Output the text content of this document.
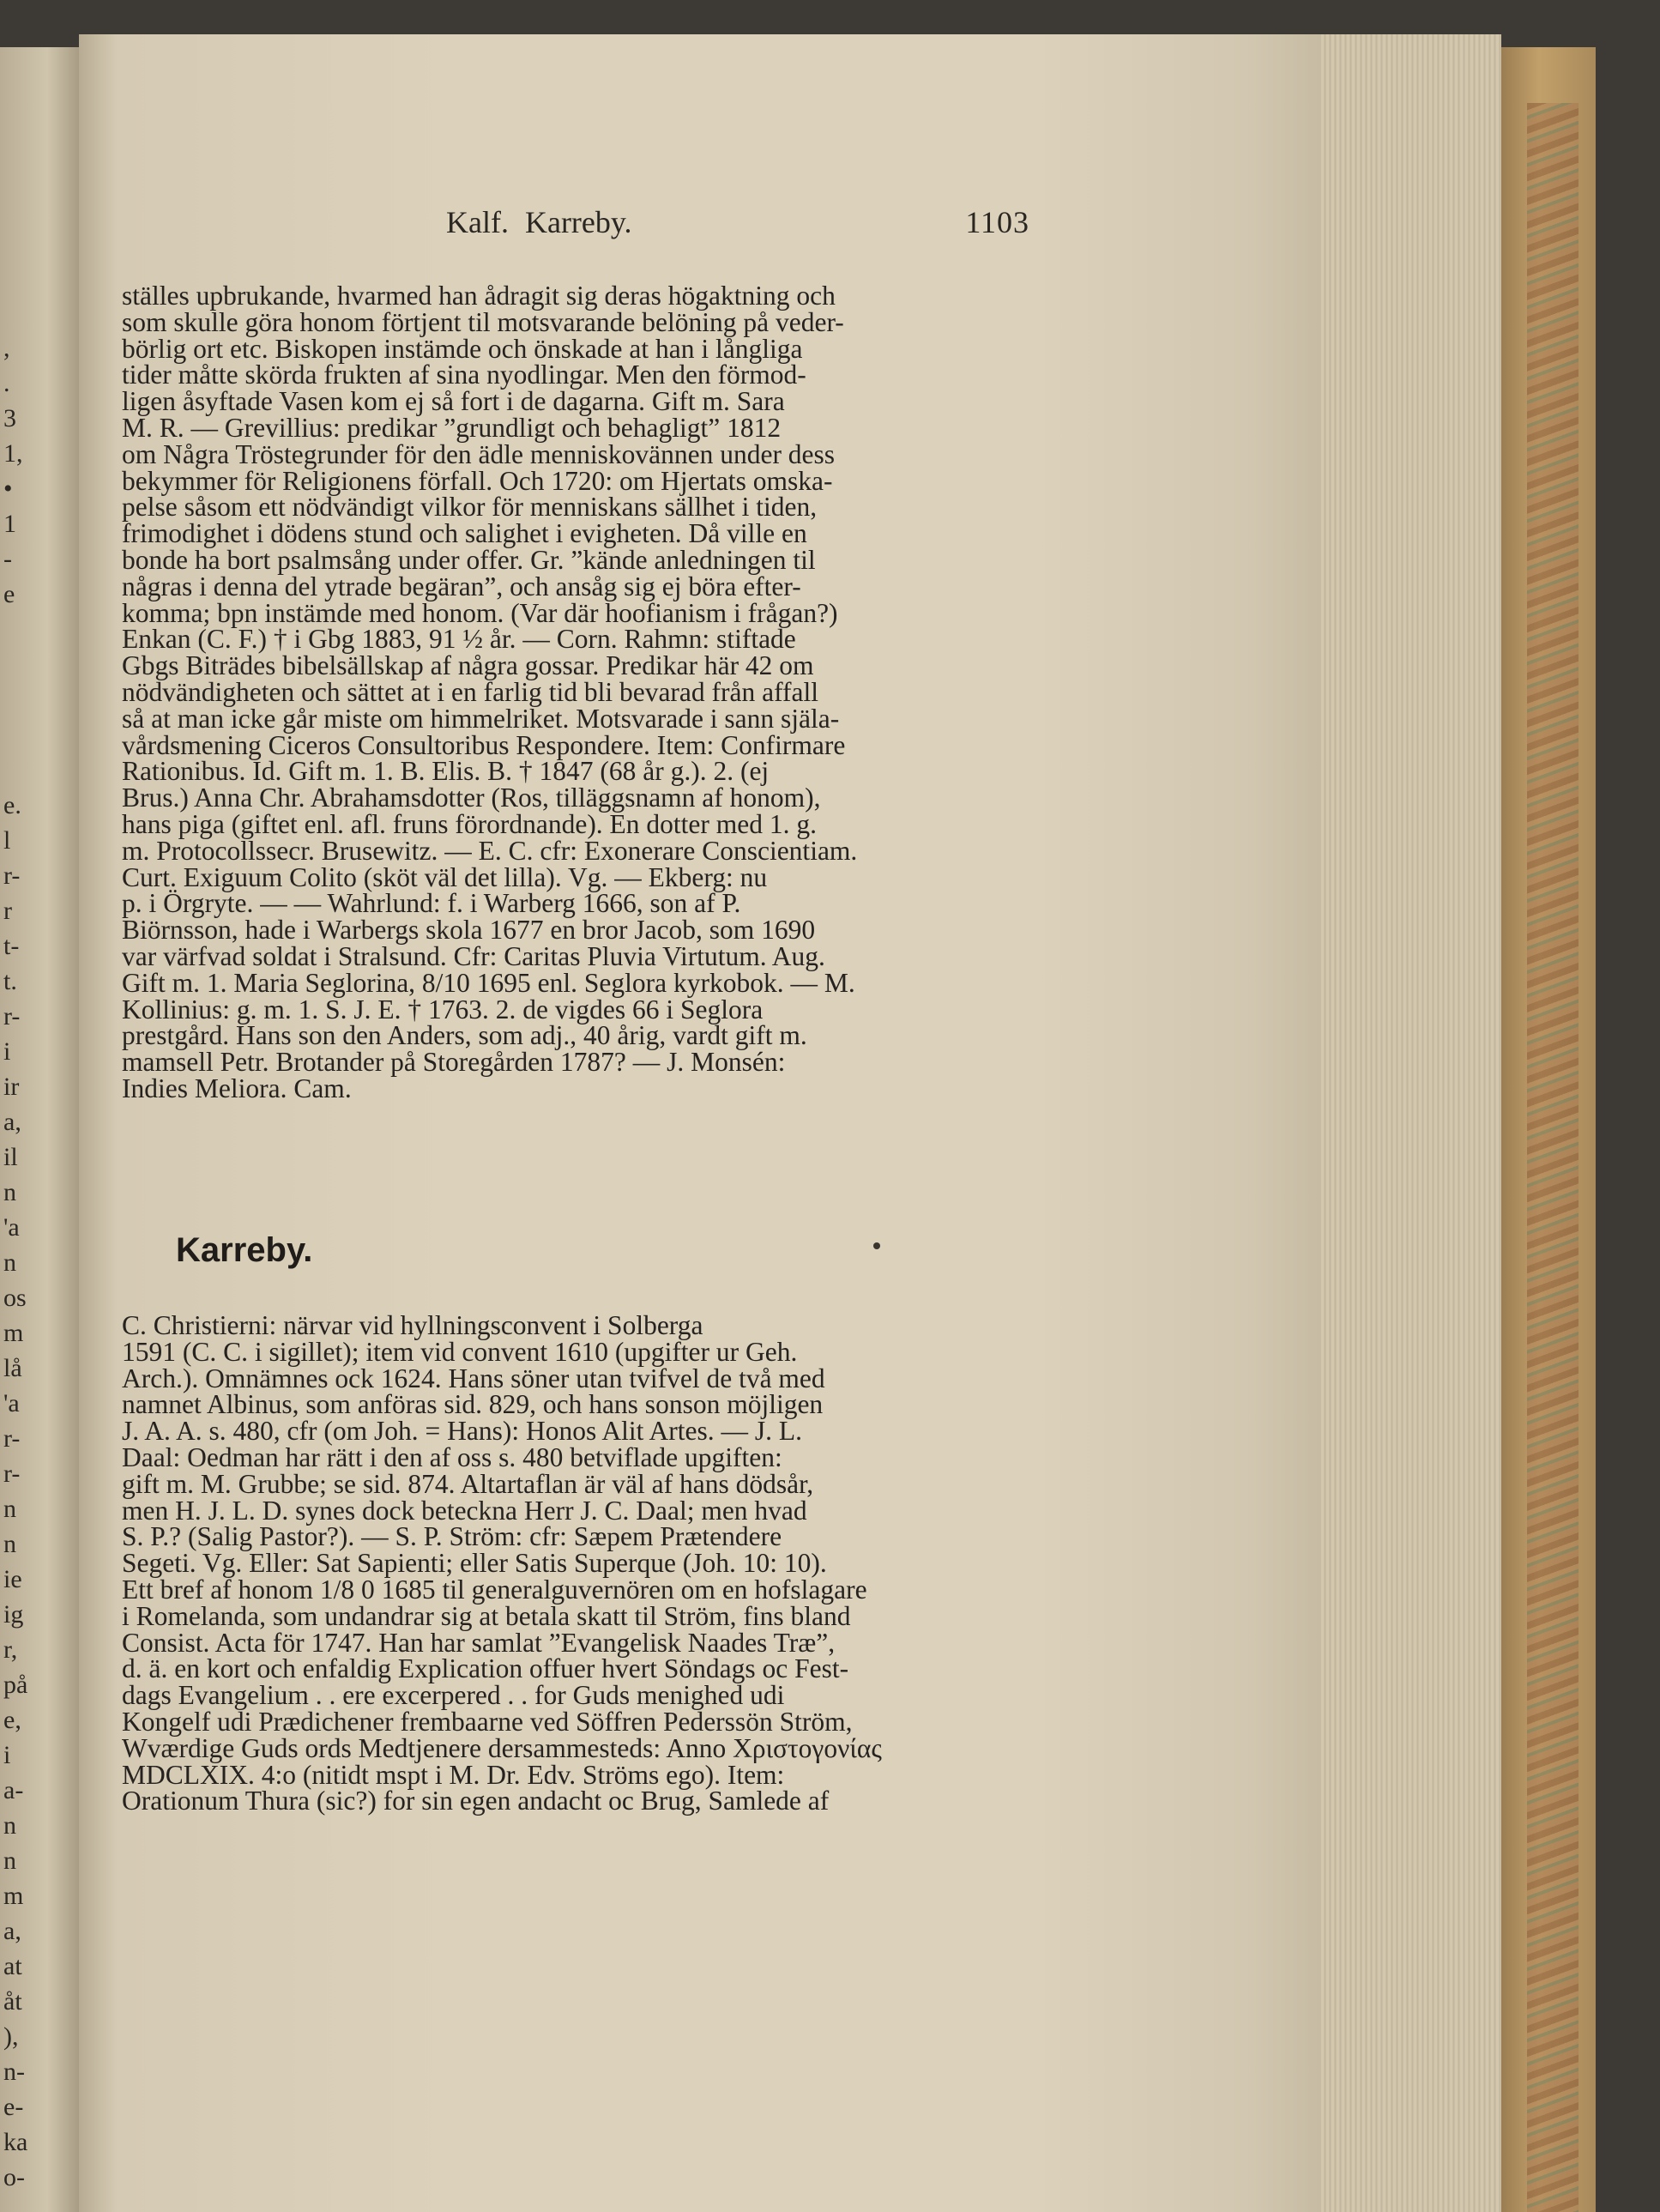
,
.
3
1,
•
1
-
e
e.
l
r-
r
t-
t.
r-
i
ir
a,
il
n
'a
n
os
m
lå
'a
r-
r-
n
n
ie
ig
r,
på
e,
i
a-
n
n
m
a,
at
åt
),
n-
e-
ka
o-
Kalf. Karreby.	1103
ställes upbrukande, hvarmed han ådragit sig deras högaktning och
som skulle göra honom förtjent til motsvarande belöning på veder-
börlig ort etc. Biskopen instämde och önskade at han i långliga
tider måtte skörda frukten af sina nyodlingar. Men den förmod-
ligen åsyftade Vasen kom ej så fort i de dagarna. Gift m. Sara
M. R. — Grevillius: predikar ”grundligt och behagligt” 1812
om Några Tröstegrunder för den ädle menniskovännen under dess
bekymmer för Religionens förfall. Och 1720: om Hjertats omska-
pelse såsom ett nödvändigt vilkor för menniskans sällhet i tiden,
frimodighet i dödens stund och salighet i evigheten. Då ville en
bonde ha bort psalmsång under offer. Gr. ”kände anledningen til
någras i denna del ytrade begäran”, och ansåg sig ej böra efter-
komma; bpn instämde med honom. (Var där hoofianism i frågan?)
Enkan (C. F.) † i Gbg 1883, 91 ½ år. — Corn. Rahmn: stiftade
Gbgs Biträdes bibelsällskap af några gossar. Predikar här 42 om
nödvändigheten och sättet at i en farlig tid bli bevarad från affall
så at man icke går miste om himmelriket. Motsvarade i sann själa-
vårdsmening Ciceros Consultoribus Respondere. Item: Confirmare
Rationibus. Id. Gift m. 1. B. Elis. B. † 1847 (68 år g.). 2. (ej
Brus.) Anna Chr. Abrahamsdotter (Ros, tilläggsnamn af honom),
hans piga (giftet enl. afl. fruns förordnande). En dotter med 1. g.
m. Protocollssecr. Brusewitz. — E. C. cfr: Exonerare Conscientiam.
Curt. Exiguum Colito (sköt väl det lilla). Vg. — Ekberg: nu
p. i Örgryte. — — Wahrlund: f. i Warberg 1666, son af P.
Biörnsson, hade i Warbergs skola 1677 en bror Jacob, som 1690
var värfvad soldat i Stralsund. Cfr: Caritas Pluvia Virtutum. Aug.
Gift m. 1. Maria Seglorina, 8/10 1695 enl. Seglora kyrkobok. — M.
Kollinius: g. m. 1. S. J. E. † 1763. 2. de vigdes 66 i Seglora
prestgård. Hans son den Anders, som adj., 40 årig, vardt gift m.
mamsell Petr. Brotander på Storegården 1787? — J. Monsén:
Indies Meliora. Cam.
Karreby.
C. Christierni: närvar vid hyllningsconvent i Solberga
1591 (C. C. i sigillet); item vid convent 1610 (upgifter ur Geh.
Arch.). Omnämnes ock 1624. Hans söner utan tvifvel de två med
namnet Albinus, som anföras sid. 829, och hans sonson möjligen
J. A. A. s. 480, cfr (om Joh. = Hans): Honos Alit Artes. — J. L.
Daal: Oedman har rätt i den af oss s. 480 betviflade upgiften:
gift m. M. Grubbe; se sid. 874. Altartaflan är väl af hans dödsår,
men H. J. L. D. synes dock beteckna Herr J. C. Daal; men hvad
S. P.? (Salig Pastor?). — S. P. Ström: cfr: Sæpem Prætendere
Segeti. Vg. Eller: Sat Sapienti; eller Satis Superque (Joh. 10: 10).
Ett bref af honom 1/8 0 1685 til generalguvernören om en hofslagare
i Romelanda, som undandrar sig at betala skatt til Ström, fins bland
Consist. Acta för 1747. Han har samlat ”Evangelisk Naades Træ”,
d. ä. en kort och enfaldig Explication offuer hvert Söndags oc Fest-
dags Evangelium . . ere excerpered . . for Guds menighed udi
Kongelf udi Prædichener frembaarne ved Söffren Pederssön Ström,
Wværdige Guds ords Medtjenere dersammesteds: Anno Χριστογονίας
MDCLXIX. 4:o (nitidt mspt i M. Dr. Edv. Ströms ego). Item:
Orationum Thura (sic?) for sin egen andacht oc Brug, Samlede af
